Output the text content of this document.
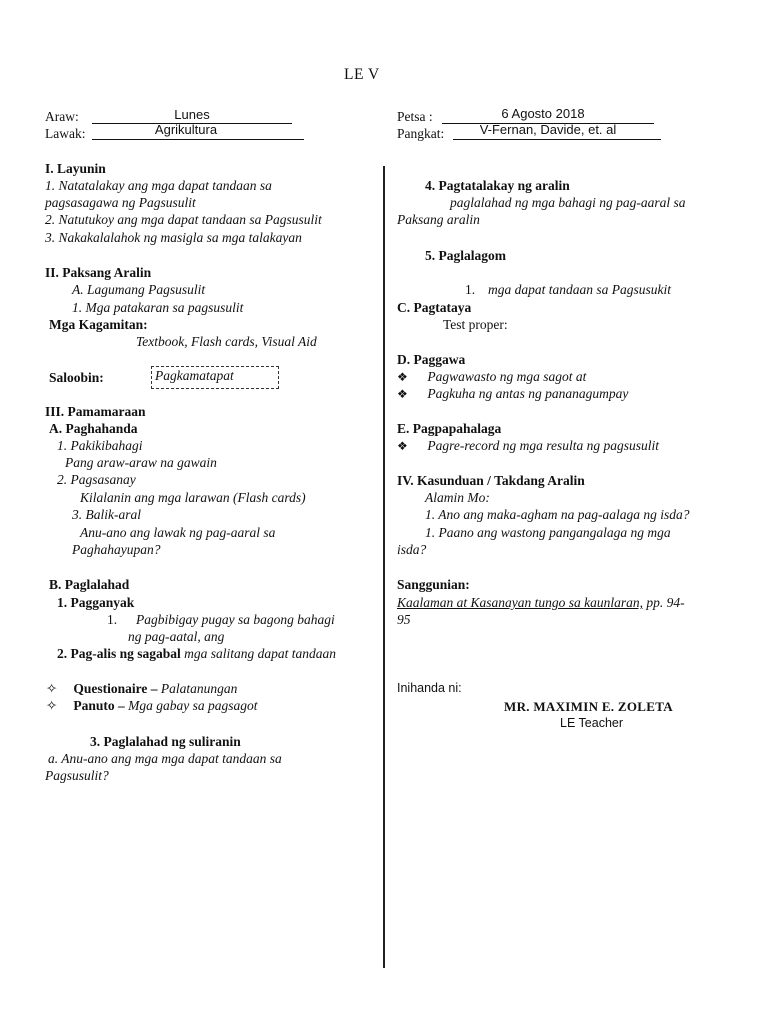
LE V
Araw:	Lunes
Lawak:	Agrikultura
Petsa :	6 Agosto 2018
Pangkat:	V-Fernan, Davide, et. al
I. Layunin
1. Natatalakay ang mga dapat tandaan sa
pagsasagawa ng Pagsusulit
2. Natutukoy ang mga dapat tandaan sa Pagsusulit
3. Nakakalalahok ng masigla sa mga talakayan
II. Paksang Aralin
A. Lagumang Pagsusulit
1. Mga patakaran sa pagsusulit
Mga Kagamitan:
Textbook, Flash cards, Visual Aid
Saloobin:	Pagkamatapat
III. Pamamaraan
A. Paghahanda
1. Pakikibahagi
Pang araw-araw na gawain
2. Pagsasanay
Kilalanin ang mga larawan (Flash cards)
3. Balik-aral
Anu-ano ang lawak ng pag-aaral sa
Paghahayupan?
B. Paglalahad
1. Pagganyak
1. Pagbibigay pugay sa bagong bahagi
ng pag-aatal, ang
2. Pag-alis ng sagabal mga salitang dapat tandaan
✧ Questionaire – Palatanungan
✧ Panuto – Mga gabay sa pagsagot
3. Paglalahad ng suliranin
a. Anu-ano ang mga mga dapat tandaan sa
Pagsusulit?
4. Pagtatalakay ng aralin
paglalahad ng mga bahagi ng pag-aaral sa
Paksang aralin
5. Paglalagom
1. mga dapat tandaan sa Pagsusukit
C. Pagtataya
Test proper:
D. Paggawa
❖ Pagwawasto ng mga sagot at
❖ Pagkuha ng antas ng pananagumpay
E. Pagpapahalaga
❖ Pagre-record ng mga resulta ng pagsusulit
IV. Kasunduan / Takdang Aralin
Alamin Mo:
1. Ano ang maka-agham na pag-aalaga ng isda?
1. Paano ang wastong pangangalaga ng mga
isda?
Sanggunian:
Kaalaman at Kasanayan tungo sa kaunlaran, pp. 94-
95
Inihanda ni:
MR. MAXIMIN E. ZOLETA
LE Teacher
